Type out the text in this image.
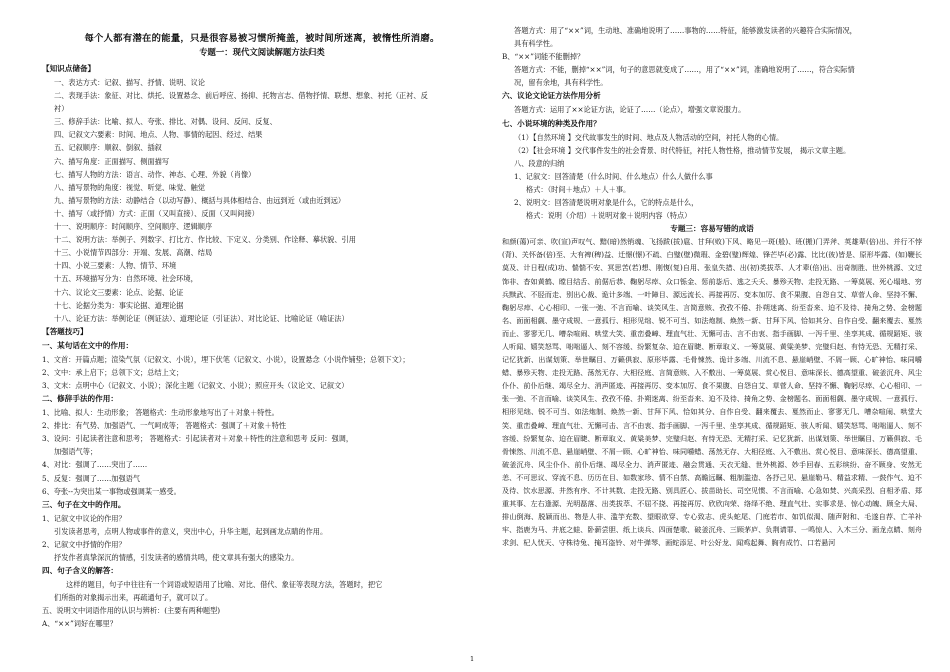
每个人都有潜在的能量，只是很容易被习惯所掩盖，被时间所迷离，被惰性所消磨。
专题一：现代文阅读解题方法归类
【知识点储备】
一、表达方式：记叙、描写、抒情、说明、议论
二、表现手法：象征、对比、烘托、设置悬念、前后呼应、扬抑、托物言志、借物抒情、联想、想象、衬托（正衬、反
衬）
三、修辞手法：比喻、拟人、夸张、排比、对偶、设问、反问、反复、
四、记叙文六要素：时间、地点、人物、事情的起因、经过、结果
五、记叙顺序：顺叙、倒叙、插叙
六、描写角度：正面描写、侧面描写
七、描写人物的方法：语言、动作、神态、心理、外貌（肖像）
八、描写景物的角度：视觉、听觉、味觉、触觉
九、描写景物的方法：动静结合（以动写静）、概括与具体相结合、由远到近（或由近到远）
十、描写（或抒情）方式：正面（又叫直接）、反面（又叫间接）
十一、说明顺序：时间顺序、空间顺序、逻辑顺序
十二、说明方法：举例子、列数字、打比方、作比较、下定义、分类别、作诠释、摹状貌、引用
十三、小说情节四部分：开端、发展、高潮、结局
十四、小说三要素：人物、情节、环境
十五、环境描写分为：自然环境、社会环境，
十六、议论文三要素：论点、论据、论证
十七、论据分类为：事实论据、道理论据
十八、论证方法：举例论证（例证法）、道理论证（引证法）、对比论证、比喻论证（喻证法）
【答题技巧】
一、某句话在文中的作用：
1、文首：开篇点题；渲染气氛（记叙文、小说），埋下伏笔（记叙文、小说），设置悬念（小说作铺垫；总领下文）；
2、文中：承上启下；总领下文；总结上文；
3、文末：点明中心（记叙文、小说）；深化主题（记叙文、小说）；照应开头（议论文、记叙文）
二、修辞手法的作用：
1、比喻、拟人：生动形象； 答题格式：生动形象地写出了＋对象＋特性。
2、排比：有气势、加强语气、一气呵成等； 答题格式：强调了＋对象＋特性
3、设问：引起读者注意和思考； 答题格式：引起读者对＋对象＋特性的注意和思考 反问：强调，
加强语气等；
4、对比：强调了……突出了……
5、反复：强调了……加强语气
6、夸张--为突出某一事物或强调某一感受。
三、句子在文中的作用。
1、记叙文中议论的作用？
引发读者思考，点明人物或事件的意义，突出中心，升华主题，起到画龙点睛的作用。
2、记叙文中抒情的作用？
抒发作者真挚深沉的情感，引发读者的感情共鸣，使文章具有强大的感染力。
四、句子含义的解答：
这样的题目，句子中往往有一个词语或短语用了比喻、对比、借代、象征等表现方法，答题时，把它
们所指的对象揭示出来，再疏通句子，就可以了。
五、说明文中词语作用的认识与辨析：(主要有两种题型)
A、“××”词好在哪里？
答题方式：用了“××”词，生动地、准确地说明了……事物的……特征，能够激发读者的兴趣符合实际情况，
具有科学性。
B、“××”词能不能删掉？
答题方式：不能，删掉“××”词，句子的意思就变成了……，用了“××”词，准确地说明了……，符合实际情
况，留有余地，具有科学性。
六、议论文论证方法作用分析
答题方式：运用了××论证方法，论证了……（论点），增强文章说服力。
七、小说环境的种类及作用？
（1）【自然环境 】交代故事发生的时间、地点及人物活动的空间，衬托人物的心情。
（2）【社会环境 】交代事件发生的社会背景、时代特征，衬托人物性格，推动情节发展， 揭示文章主题。
八、段意的归纳
1、记叙文：回答清楚（什么时间、什么地点）什么人做什么事
格式：（时间＋地点）＋人＋事。
2、说明文：回答清楚说明对象是什么，它的特点是什么，
格式：说明（介绍）＋说明对象＋说明内容（特点）
专题三：容易写错的成语
和颜(蔼)可亲、吹(宣)声叹气、黯(暗)然销魂、飞扬跋(拔)扈、甘拜(败)下风、略见一斑(般)、班(搬)门弄斧、英雄辈(倍)出、并行不悖(背)、关怀备(倍)至、大有裨(稗)益、迁憬(憬)不疏、白璧(壁)微瑕、金碧(璧)辉煌、锋芒毕(必)露、比比(彼)皆是、原形毕露、(如)鞭长莫及、计日程(成)功、惴惴不安、冥思苦(若)想、刚愎(复)自用、张皇失措、出(初)类拔萃、人才辈(倍)出、出奇制胜、世外桃源、文过饰非、杳如黄鹤、瞠目结舌、前倨后恭、鞠躬尽瘁、众口铄金、惩前毖后、逃之夭夭、暴殄天物、走投无路、一筹莫展、死心塌地、穷兵黩武、不胫而走、别出心裁、诡计多端、一叶障目、源远流长、再接再厉、变本加厉、食不果腹、自怨自艾、草菅人命、坚持不懈、鞠躬尽瘁、心心相印、一张一弛、不言而喻、谈笑风生、言简意赅、孜孜不倦、扑朔迷离、纷至沓来、迫不及待、掎角之势、金榜题名、面面相觑、墨守成规、一意孤行、相形见绌、锐不可当、如法炮制、焕然一新、甘拜下风、恰如其分、自作自受、翻来覆去、戛然而止、寥寥无几、嘈杂喧闹、哄堂大笑、重峦叠嶂、理直气壮、无懈可击、言不由衷、指手画脚、一泻千里、坐享其成、循规蹈矩、骇人听闻、嬉笑怒骂、咄咄逼人、刻不容缓、纷繁复杂、迫在眉睫、断章取义、一筹莫展、黄粱美梦、完璧归赵、有恃无恐、无精打采、记忆犹新、出谋划策、举世瞩目、万籁俱寂、原形毕露、毛骨悚然、诡计多端、川流不息、悬崖峭壁、不屑一顾、心旷神怡、味同嚼蜡、暴殄天物、走投无路、荡然无存、大相径庭、言简意赅、入不敷出、一筹莫展、赏心悦目、意味深长、德高望重、破釜沉舟、风尘仆仆、前仆后继、竭尽全力、消声匿迹、再接再厉、变本加厉、食不果腹、自怨自艾、草菅人命、坚持不懈、鞠躬尽瘁、心心相印、一张一弛、不言而喻、谈笑风生、孜孜不倦、扑朔迷离、纷至沓来、迫不及待、掎角之势、金榜题名、面面相觑、墨守成规、一意孤行、相形见绌、锐不可当、如法炮制、焕然一新、甘拜下风、恰如其分、自作自受、翻来覆去、戛然而止、寥寥无几、嘈杂喧闹、哄堂大笑、重峦叠嶂、理直气壮、无懈可击、言不由衷、指手画脚、一泻千里、坐享其成、循规蹈矩、骇人听闻、嬉笑怒骂、咄咄逼人、刻不容缓、纷繁复杂、迫在眉睫、断章取义、黄粱美梦、完璧归赵、有恃无恐、无精打采、记忆犹新、出谋划策、举世瞩目、万籁俱寂、毛骨悚然、川流不息、悬崖峭壁、不屑一顾、心旷神怡、味同嚼蜡、荡然无存、大相径庭、入不敷出、赏心悦目、意味深长、德高望重、破釜沉舟、风尘仆仆、前仆后继、竭尽全力、消声匿迹、融会贯通、天衣无缝、世外桃源、妙手回春、五彩缤纷、奋不顾身、安然无恙、不可思议、穿流不息、历历在目、如数家珍、情不自禁、高瞻远瞩、粗制滥造、各抒己见、悬崖勒马、精益求精、一鼓作气、迫不及待、饮水思源、井然有序、不计其数、走投无路、别具匠心、拔苗助长、司空见惯、不言而喻、心急如焚、兴高采烈、自相矛盾、郑重其事、左右逢源、光明磊落、出类拔萃、不屈不挠、再接再厉、欣欣向荣、络绎不绝、理直气壮、实事求是、惊心动魄、顾全大局、排山倒海、脱颖而出、物是人非、滥竽充数、望眼欲穿、专心致志、虎头蛇尾、门庭若市、如饥似渴、随声附和、毛遂自荐、亡羊补牢、指鹿为马、井底之蛙、卧薪尝胆、纸上谈兵、四面楚歌、破釜沉舟、三顾茅庐、负荆请罪、一鸣惊人、入木三分、画龙点睛、刻舟求剑、杞人忧天、守株待兔、掩耳盗铃、对牛弹琴、画蛇添足、叶公好龙、闻鸡起舞、胸有成竹、口若悬河
1
